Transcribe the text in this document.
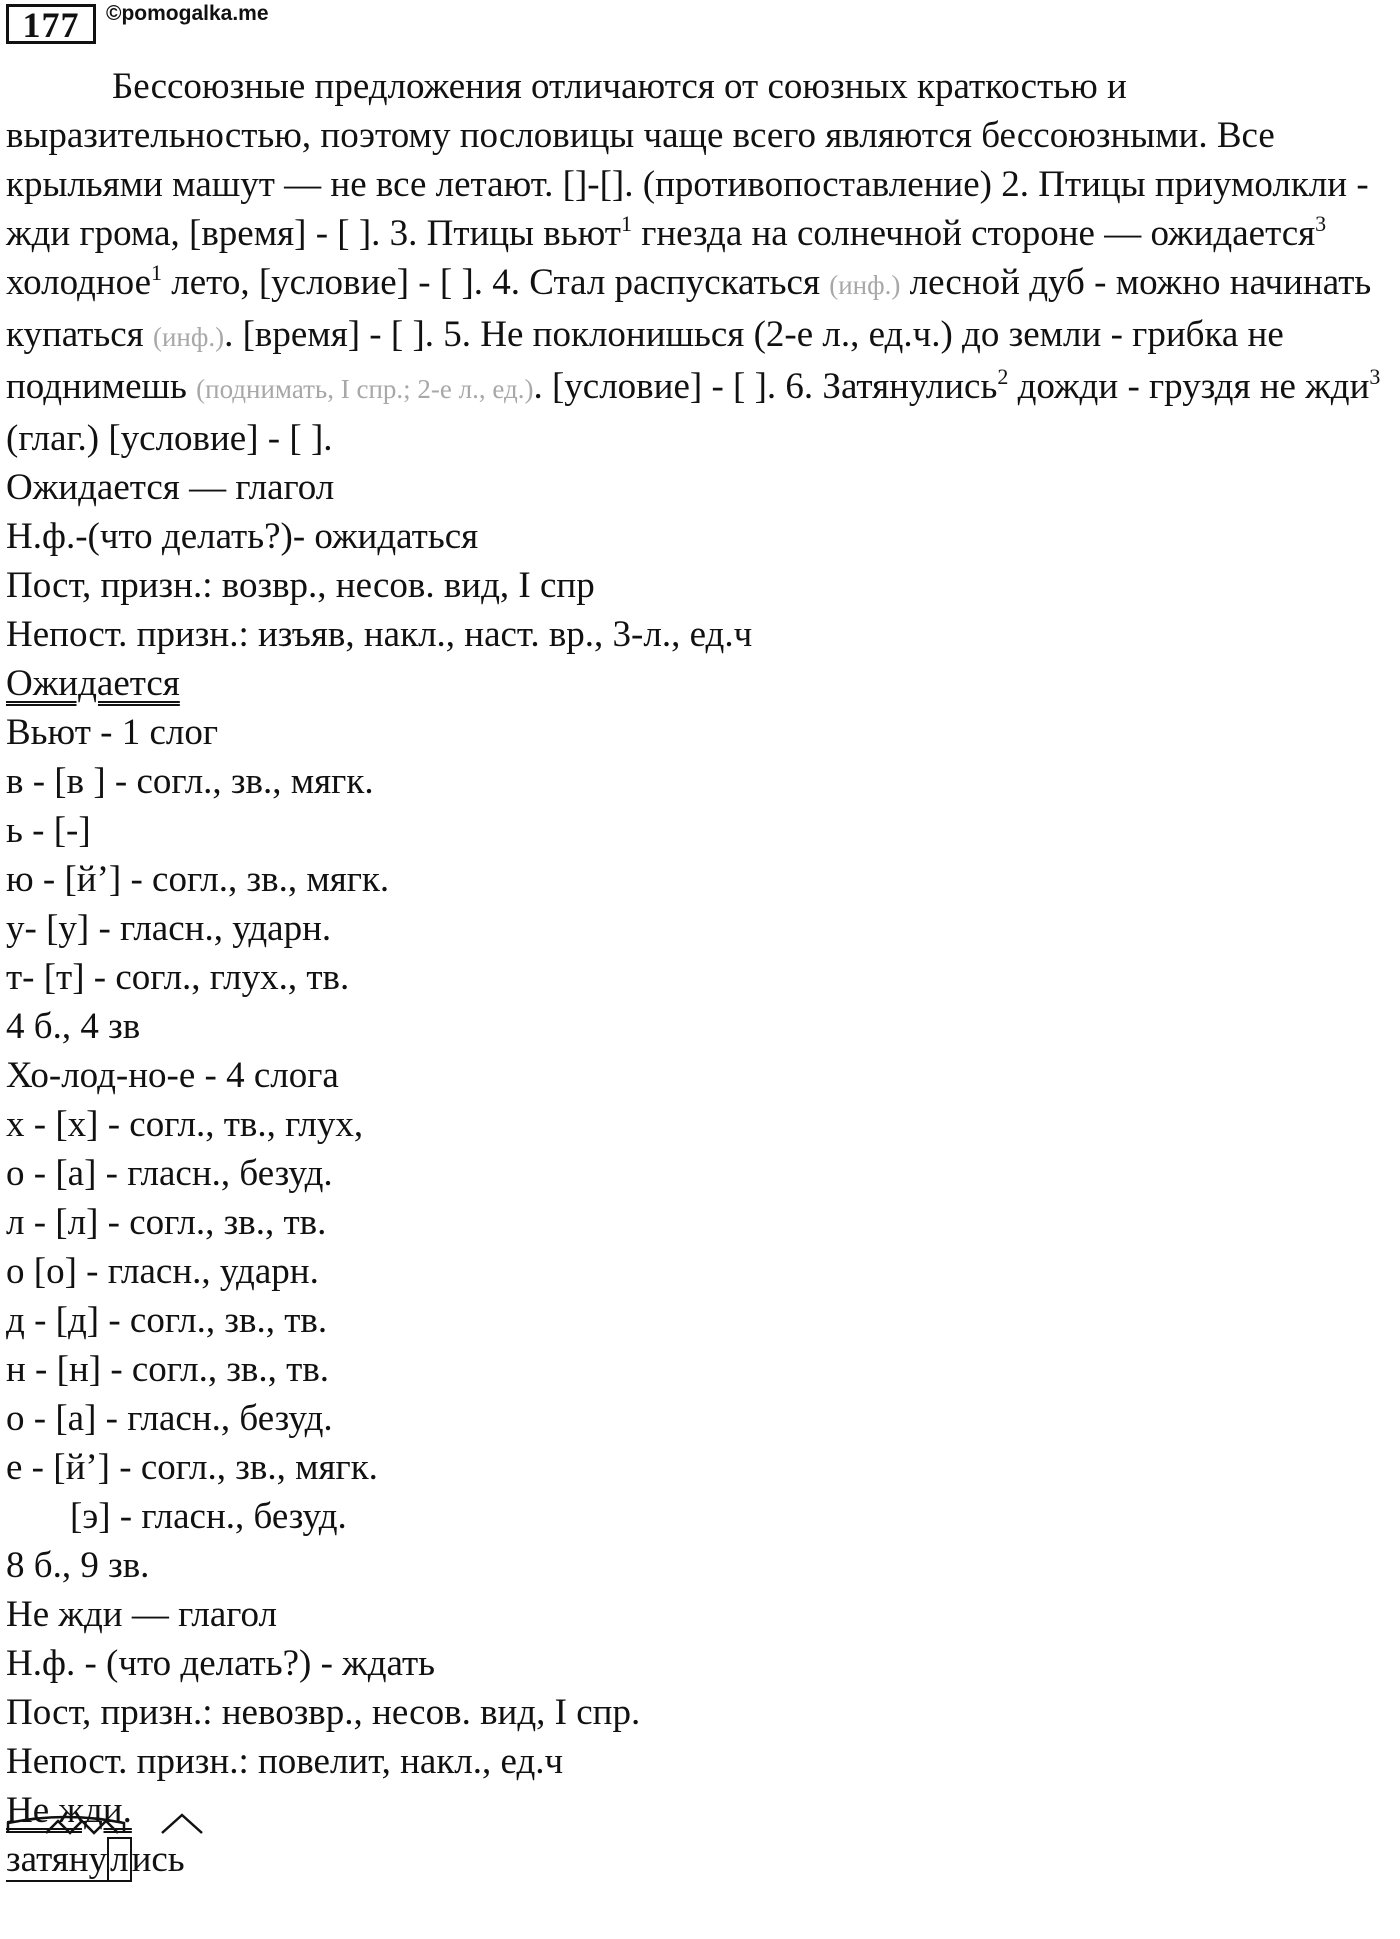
177	©pomogalka.me

Бессоюзные предложения отличаются от союзных краткостью и выразительностью, поэтому пословицы чаще всего являются бессоюзными. Все крыльями машут — не все летают. []-[]. (противопоставление) 2. Птицы приумолкли - жди грома, [время] - [ ]. 3. Птицы вьют$^1$ гнезда на солнечной стороне — ожидается$^3$ холодное$^1$ лето, [условие] - [ ]. 4. Стал распускаться (инф.) лесной дуб - можно начинать купаться (инф.). [время] - [ ]. 5. Не поклонишься (2-е л., ед.ч.) до земли - грибка не поднимешь (поднимать, I спр.; 2-е л., ед.). [условие] - [ ]. 6. Затянулись$^2$ дожди - груздя не жди$^3$ (глаг.) [условие] - [ ].

Ожидается — глагол

Н.ф.-(что делать?)- ожидаться

Пост, призн.: возвр., несов. вид, I спр

Непост. призн.: изъяв, накл., наст. вр., 3-л., ед.ч

Ожидается

Вьют - 1 слог

в - [в ] - согл., зв., мягк.

ь - [-]

ю - [й’] - согл., зв., мягк.

у- [у] - гласн., ударн.

т- [т] - согл., глух., тв.

4 б., 4 зв

Хо-лод-но-е - 4 слога

х - [х] - согл., тв., глух,

о - [а] - гласн., безуд.

л - [л] - согл., зв., тв.

о [о] - гласн., ударн.

д - [д] - согл., зв., тв.

н - [н] - согл., зв., тв.

о - [а] - гласн., безуд.

е - [й’] - согл., зв., мягк.

[э] - гласн., безуд.

8 б., 9 зв.

Не жди — глагол

Н.ф. - (что делать?) - ждать

Пост, призн.: невозвр., несов. вид, I спр.

Непост. призн.: повелит, накл., ед.ч

Не жди.

затянулись
